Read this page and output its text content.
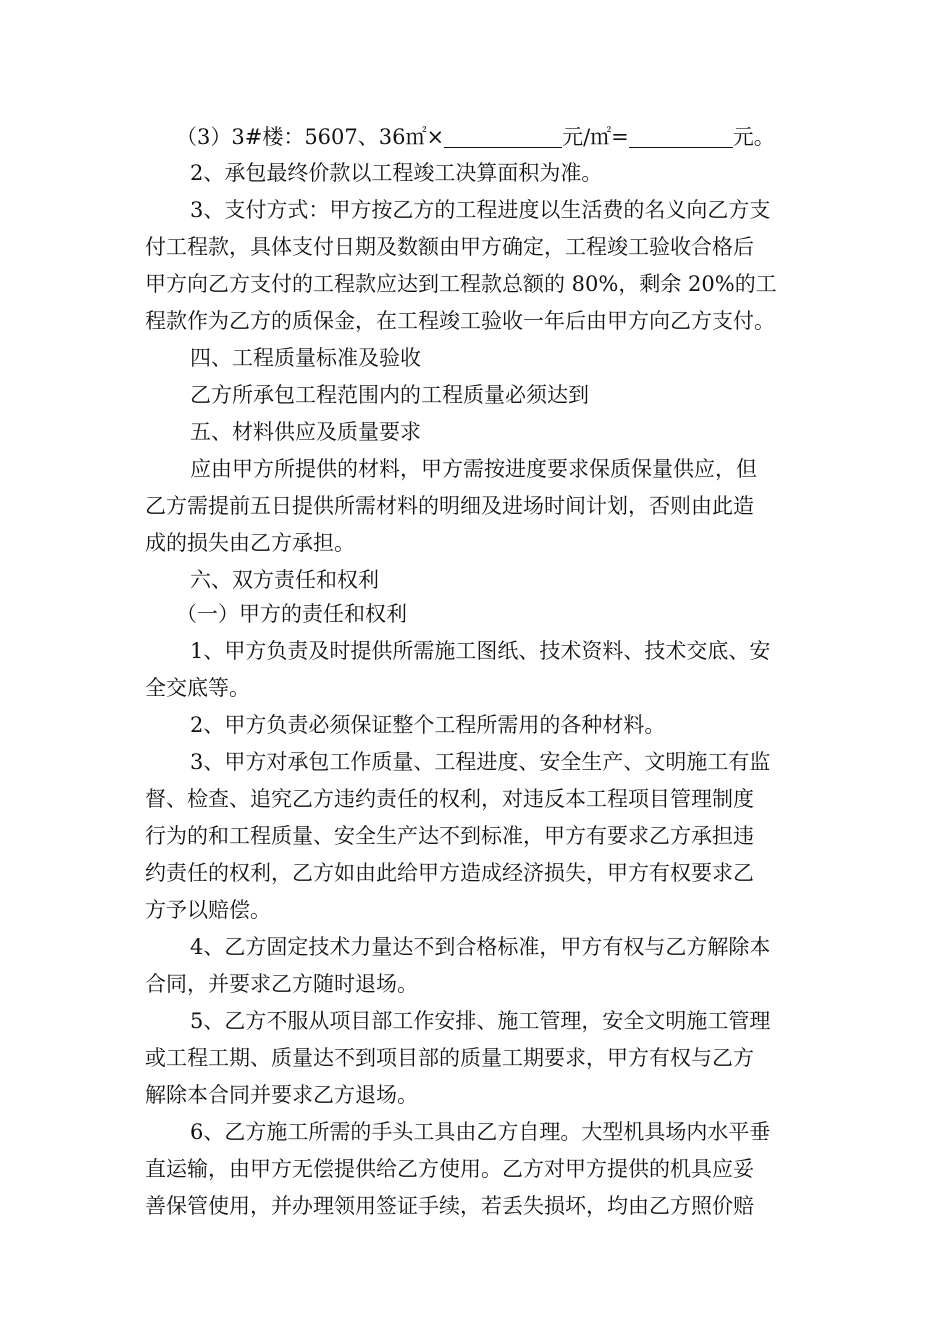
（3）3#楼：5607、36㎡×	元/㎡=	元。
2、承包最终价款以工程竣工决算面积为准。
3、支付方式：甲方按乙方的工程进度以生活费的名义向乙方支
付工程款，具体支付日期及数额由甲方确定，工程竣工验收合格后
甲方向乙方支付的工程款应达到工程款总额的 80%，剩余 20%的工
程款作为乙方的质保金，在工程竣工验收一年后由甲方向乙方支付。
四、工程质量标准及验收
乙方所承包工程范围内的工程质量必须达到
五、材料供应及质量要求
应由甲方所提供的材料，甲方需按进度要求保质保量供应，但
乙方需提前五日提供所需材料的明细及进场时间计划，否则由此造
成的损失由乙方承担。
六、双方责任和权利
（一）甲方的责任和权利
1、甲方负责及时提供所需施工图纸、技术资料、技术交底、安
全交底等。
2、甲方负责必须保证整个工程所需用的各种材料。
3、甲方对承包工作质量、工程进度、安全生产、文明施工有监
督、检查、追究乙方违约责任的权利，对违反本工程项目管理制度
行为的和工程质量、安全生产达不到标准，甲方有要求乙方承担违
约责任的权利，乙方如由此给甲方造成经济损失，甲方有权要求乙
方予以赔偿。
4、乙方固定技术力量达不到合格标准，甲方有权与乙方解除本
合同，并要求乙方随时退场。
5、乙方不服从项目部工作安排、施工管理，安全文明施工管理
或工程工期、质量达不到项目部的质量工期要求，甲方有权与乙方
解除本合同并要求乙方退场。
6、乙方施工所需的手头工具由乙方自理。大型机具场内水平垂
直运输，由甲方无偿提供给乙方使用。乙方对甲方提供的机具应妥
善保管使用，并办理领用签证手续，若丢失损坏，均由乙方照价赔
